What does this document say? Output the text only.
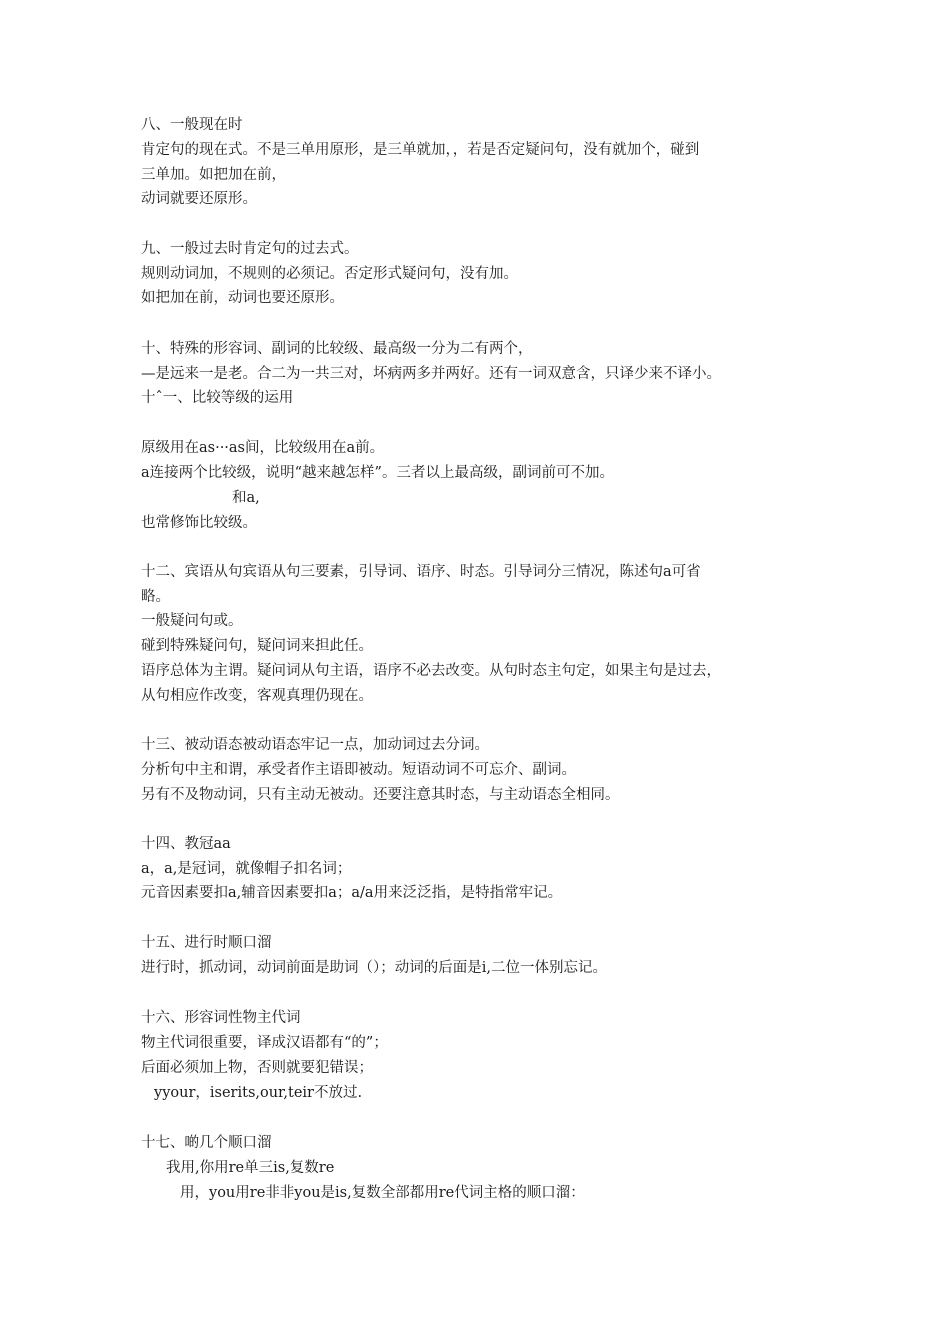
八、一般现在时
肯定句的现在式。不是三单用原形，是三单就加，，若是否定疑问句，没有就加个，碰到
三单加。如把加在前，
动词就要还原形。
九、一般过去时肯定句的过去式。
规则动词加，不规则的必须记。否定形式疑问句，没有加。
如把加在前，动词也要还原形。
十、特殊的形容词、副词的比较级、最高级一分为二有两个，
—是远来一是老。合二为一共三对，坏病两多并两好。还有一词双意含，只译少来不译小。
十ˆ一、比较等级的运用
原级用在as···as间，比较级用在a前。
a连接两个比较级，说明“越来越怎样”。三者以上最高级，副词前可不加。
和a,
也常修饰比较级。
十二、宾语从句宾语从句三要素，引导词、语序、时态。引导词分三情况，陈述句a可省
略。
一般疑问句或。
碰到特殊疑问句，疑问词来担此任。
语序总体为主谓。疑问词从句主语，语序不必去改变。从句时态主句定，如果主句是过去，
从句相应作改变，客观真理仍现在。
十三、被动语态被动语态牢记一点，加动词过去分词。
分析句中主和谓，承受者作主语即被动。短语动词不可忘介、副词。
另有不及物动词，只有主动无被动。还要注意其时态，与主动语态全相同。
十四、教冠aa
a，a,是冠词，就像帽子扣名词；
元音因素要扣a,辅音因素要扣a；a/a用来泛泛指，是特指常牢记。
十五、进行时顺口溜
进行时，抓动词，动词前面是助词（）；动词的后面是i,二位一体别忘记。
十六、形容词性物主代词
物主代词很重要，译成汉语都有“的”；
后面必须加上物，否则就要犯错误；
yyour，iserits,our,teir不放过.
十七、啲几个顺口溜
我用,你用re单三is,复数re
用，you用re非非you是is,复数全部都用re代词主格的顺口溜：
